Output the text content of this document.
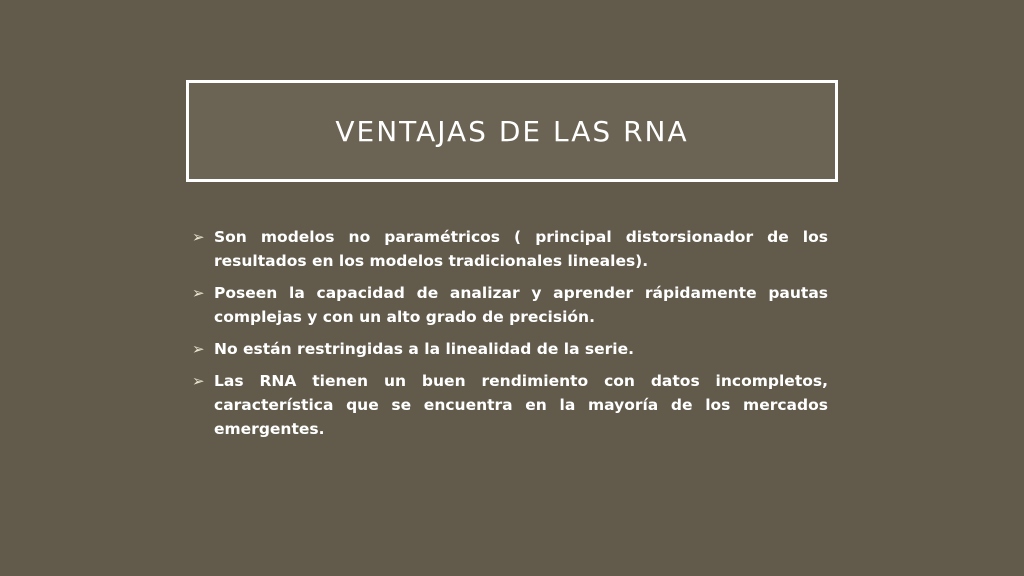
VENTAJAS DE LAS RNA
➢ Son modelos no paramétricos ( principal distorsionador de los resultados en los modelos tradicionales lineales).
➢ Poseen la capacidad de analizar y aprender rápidamente pautas complejas y con un alto grado de precisión.
➢ No están restringidas a la linealidad de la serie.
➢ Las RNA tienen un buen rendimiento con datos incompletos, característica que se encuentra en la mayoría de los mercados emergentes.
